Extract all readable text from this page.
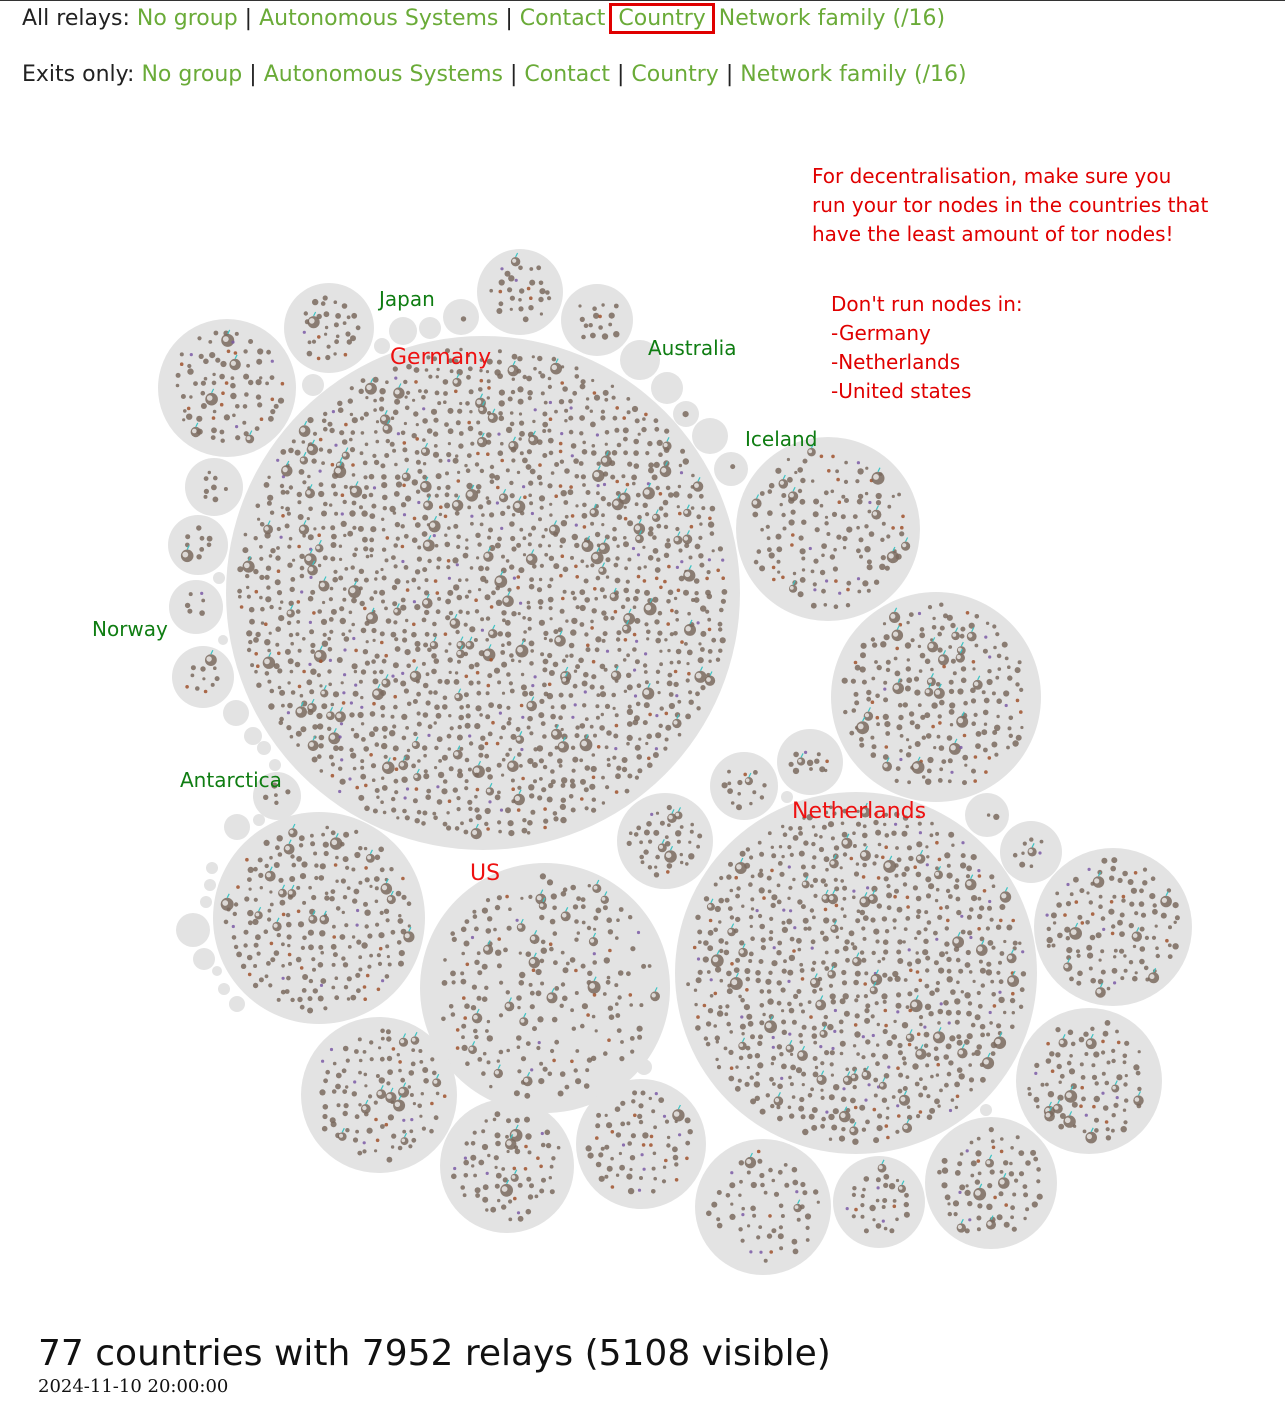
All relays: No group | Autonomous Systems | Contact Country Network family (/16)
Exits only: No group | Autonomous Systems | Contact | Country | Network family (/16)
For decentralisation, make sure you
run your tor nodes in the countries that
have the least amount of tor nodes!
Don't run nodes in:
-Germany
-Netherlands
-United states
Japan
Australia
Iceland
Norway
Antarctica
Germany
Netherlands
US
77 countries with 7952 relays (5108 visible)
2024-11-10 20:00:00
